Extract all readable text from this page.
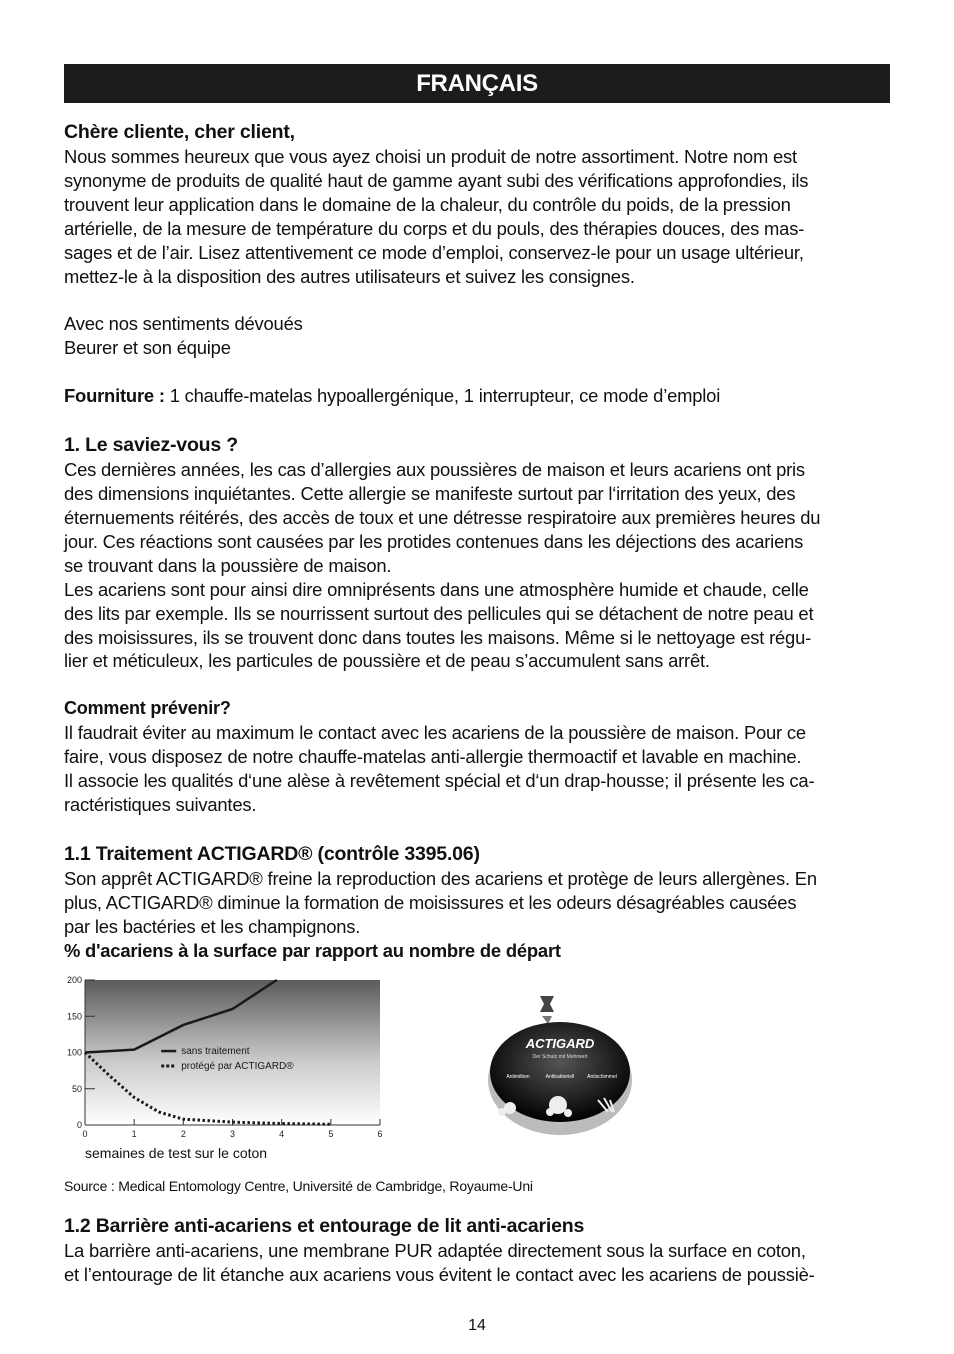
FRANÇAIS

Chère cliente, cher client,

Nous sommes heureux que vous ayez choisi un produit de notre assortiment. Notre nom est

synonyme de produits de qualité haut de gamme ayant subi des vérifications approfondies, ils

trouvent leur application dans le domaine de la chaleur, du contrôle du poids, de la pression

artérielle, de la mesure de température du corps et du pouls, des thérapies douces, des mas-

sages et de l’air. Lisez attentivement ce mode d’emploi, conservez-le pour un usage ultérieur,

mettez-le à la disposition des autres utilisateurs et suivez les consignes.

Avec nos sentiments dévoués

Beurer et son équipe

Fourniture : 1 chauffe-matelas hypoallergénique, 1 interrupteur, ce mode d’emploi

1. Le saviez-vous ?

Ces dernières années, les cas d’allergies aux poussières de maison et leurs acariens ont pris

des dimensions inquiétantes. Cette allergie se manifeste surtout par l‘irritation des yeux, des

éternuements réitérés, des accès de toux et une détresse respiratoire aux premières heures du

jour. Ces réactions sont causées par les protides contenues dans les déjections des acariens

se trouvant dans la poussière de maison.

Les acariens sont pour ainsi dire omniprésents dans une atmosphère humide et chaude, celle

des lits par exemple. Ils se nourrissent surtout des pellicules qui se détachent de notre peau et

des moisissures, ils se trouvent donc dans toutes les maisons. Même si le nettoyage est régu-

lier et méticuleux, les particules de poussière et de peau s’accumulent sans arrêt.

Comment prévenir?

Il faudrait éviter au maximum le contact avec les acariens de la poussière de maison. Pour ce

faire, vous disposez de notre chauffe-matelas anti-allergie thermoactif et lavable en machine.

Il associe les qualités d‘une alèse à revêtement spécial et d‘un drap-housse; il présente les ca-

ractéristiques suivantes.

1.1 Traitement ACTIGARD® (contrôle 3395.06)

Son apprêt ACTIGARD® freine la reproduction des acariens et protège de leurs allergènes. En

plus, ACTIGARD® diminue la formation de moisissures et les odeurs désagréables causées

par les bactéries et les champignons.

% d'acariens à la surface par rapport au nombre de départ

0
50
100
150
200
0	1	2	3	4	5	6
sans traitement
protégé par ACTIGARD®
semaines de test sur le coton
ACTIGARD
Der Schutz mit Mehrwert
Antimilben	Antibakteriell	Antischimmel
Source : Medical Entomology Centre, Université de Cambridge, Royaume-Uni

1.2 Barrière anti-acariens et entourage de lit anti-acariens

La barrière anti-acariens, une membrane PUR adaptée directement sous la surface en coton,

et l’entourage de lit étanche aux acariens vous évitent le contact avec les acariens de poussiè-

14
